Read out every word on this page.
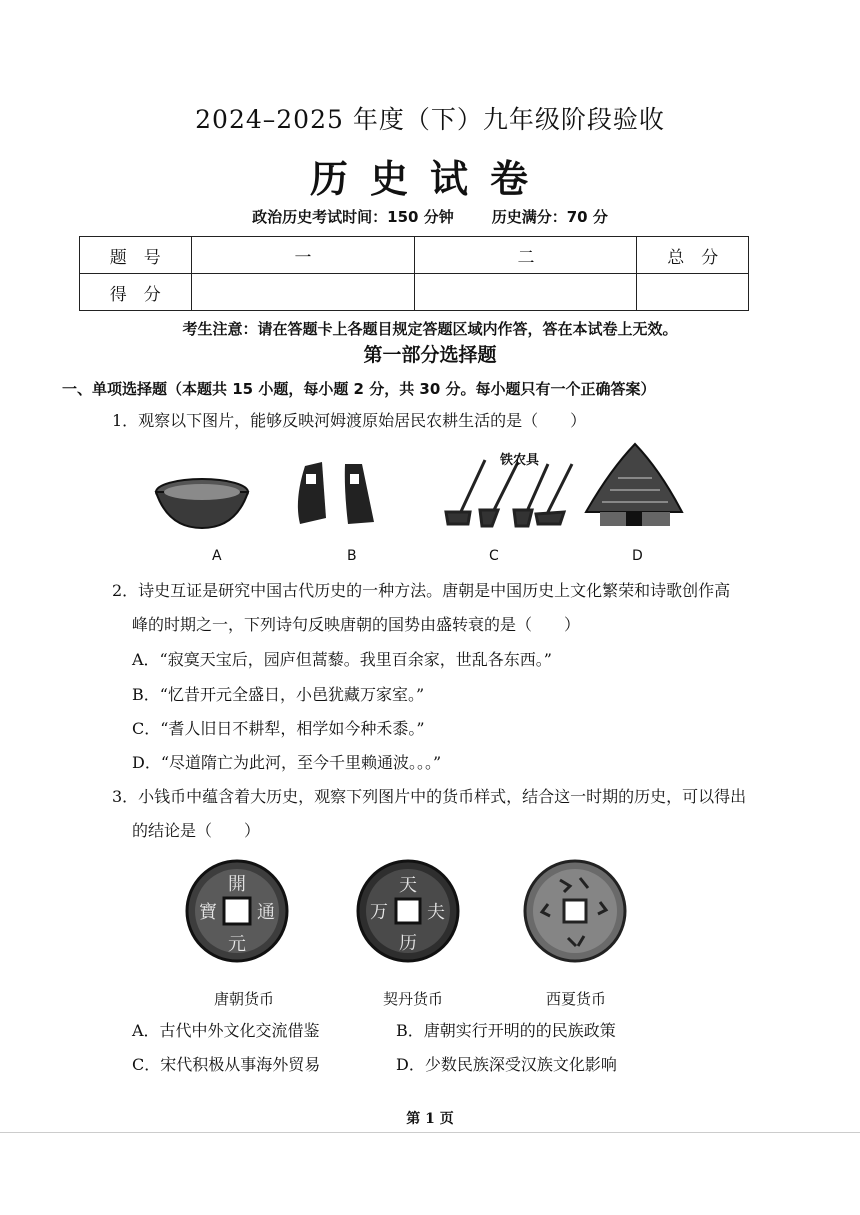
2024–2025 年度（下）九年级阶段验收
历史试卷
政治历史考试时间：150 分钟	历史满分：70 分
题　号	一	二	总　分
得　分			
考生注意：请在答题卡上各题目规定答题区域内作答，答在本试卷上无效。
第一部分选择题
一、单项选择题（本题共 15 小题，每小题 2 分，共 30 分。每小题只有一个正确答案）
1．观察以下图片，能够反映河姆渡原始居民农耕生活的是（　　）
铁农具
A	B	C	D
2．诗史互证是研究中国古代历史的一种方法。唐朝是中国历史上文化繁荣和诗歌创作高
峰的时期之一，下列诗句反映唐朝的国势由盛转衰的是（　　）
A．“寂寞天宝后，园庐但蒿藜。我里百余家，世乱各东西。”
B．“忆昔开元全盛日，小邑犹藏万家室。”
C．“耆人旧日不耕犁，相学如今种禾黍。”
D．“尽道隋亡为此河，至今千里赖通波。。。”
3．小钱币中蕴含着大历史，观察下列图片中的货币样式，结合这一时期的历史，可以得出
的结论是（　　）
開
元
通
寶
天
历
夫
万
唐朝货币	契丹货币	西夏货币
A．古代中外文化交流借鉴	B．唐朝实行开明的的民族政策
C．宋代积极从事海外贸易	D．少数民族深受汉族文化影响
第 1 页
